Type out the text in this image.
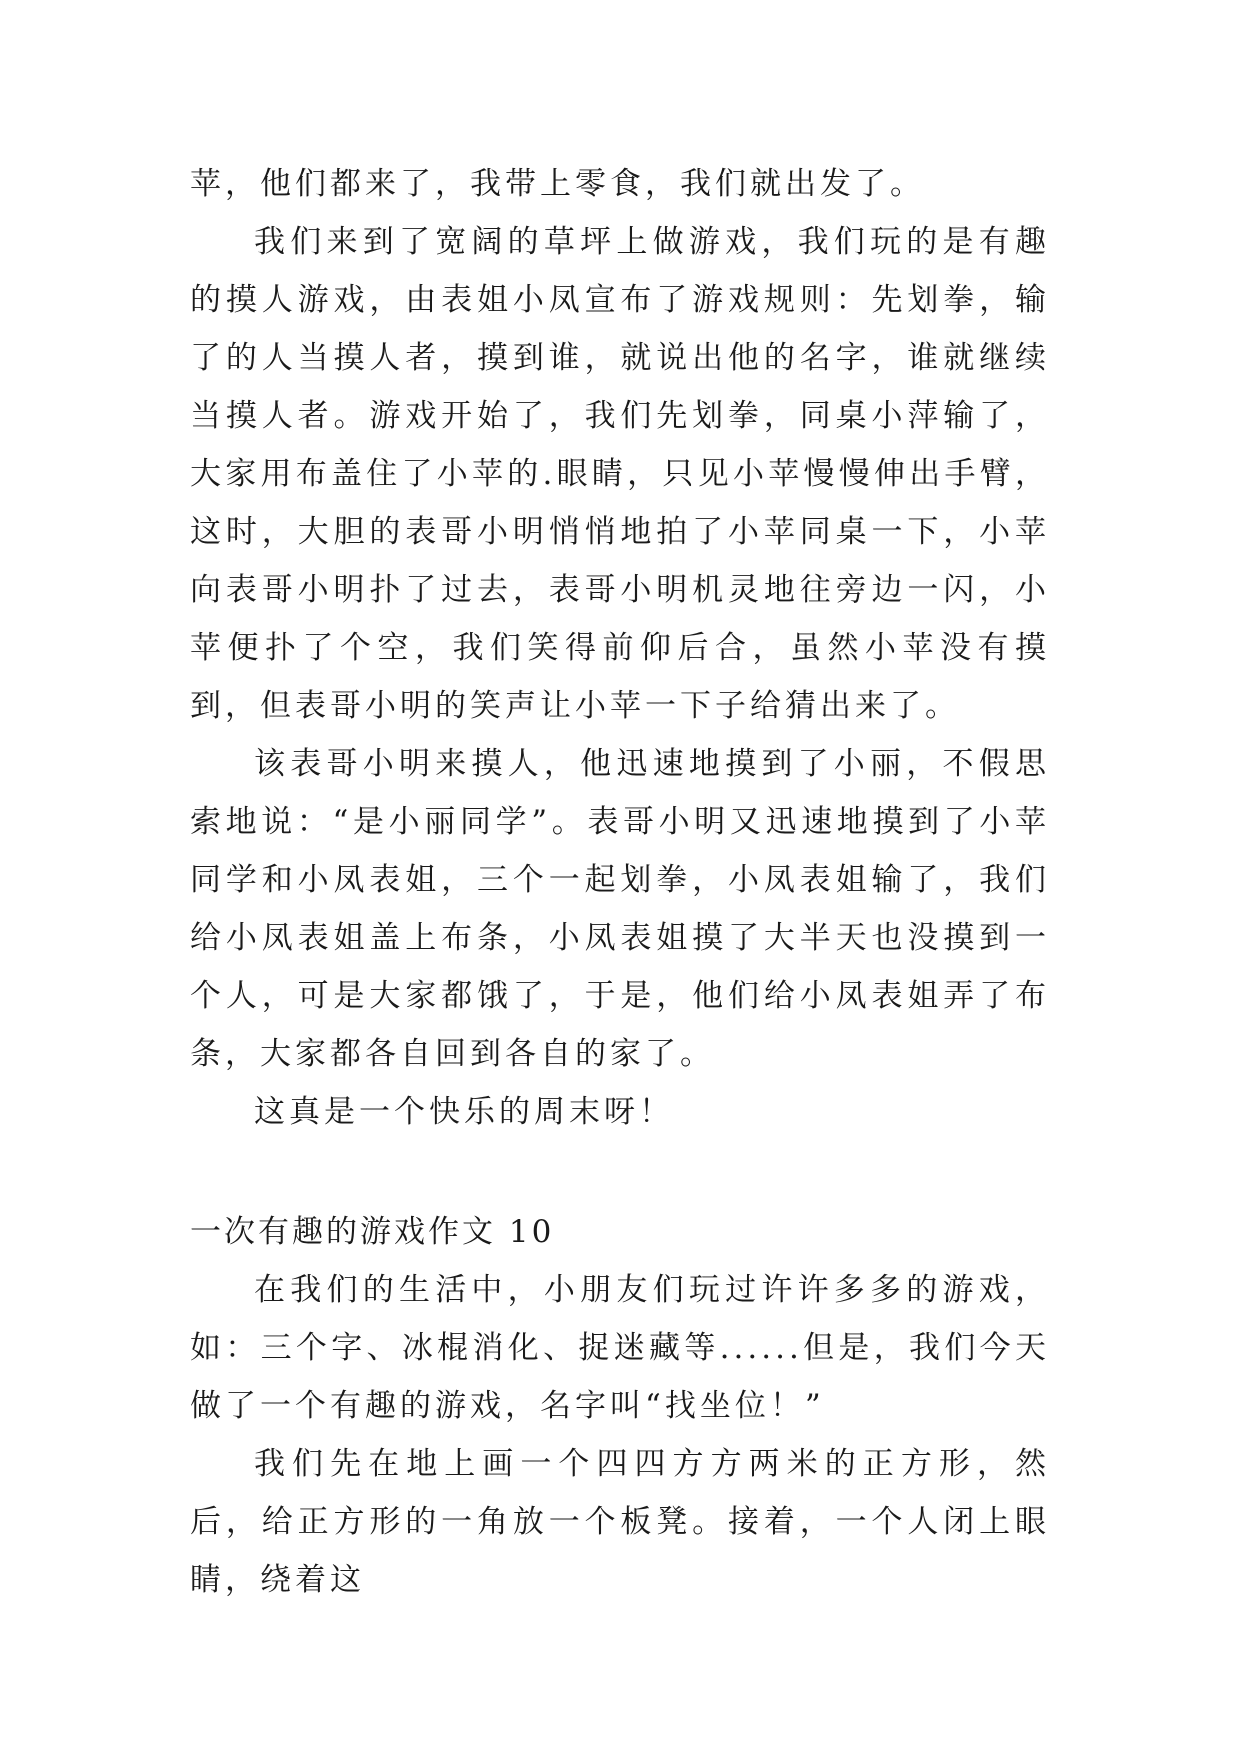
苹，他们都来了，我带上零食，我们就出发了。

我们来到了宽阔的草坪上做游戏，我们玩的是有趣的摸人游戏，由表姐小凤宣布了游戏规则：先划拳，输了的人当摸人者，摸到谁，就说出他的名字，谁就继续当摸人者。游戏开始了，我们先划拳，同桌小萍输了，大家用布盖住了小苹的.眼睛，只见小苹慢慢伸出手臂，这时，大胆的表哥小明悄悄地拍了小苹同桌一下，小苹向表哥小明扑了过去，表哥小明机灵地往旁边一闪，小苹便扑了个空，我们笑得前仰后合，虽然小苹没有摸到，但表哥小明的笑声让小苹一下子给猜出来了。

该表哥小明来摸人，他迅速地摸到了小丽，不假思索地说：“是小丽同学”。表哥小明又迅速地摸到了小苹同学和小凤表姐，三个一起划拳，小凤表姐输了，我们给小凤表姐盖上布条，小凤表姐摸了大半天也没摸到一个人，可是大家都饿了，于是，他们给小凤表姐弄了布条，大家都各自回到各自的家了。

这真是一个快乐的周末呀！

一次有趣的游戏作文 10

在我们的生活中，小朋友们玩过许许多多的游戏，如：三个字、冰棍消化、捉迷藏等......但是，我们今天做了一个有趣的游戏，名字叫“找坐位！”

我们先在地上画一个四四方方两米的正方形，然后，给正方形的一角放一个板凳。接着，一个人闭上眼睛，绕着这
